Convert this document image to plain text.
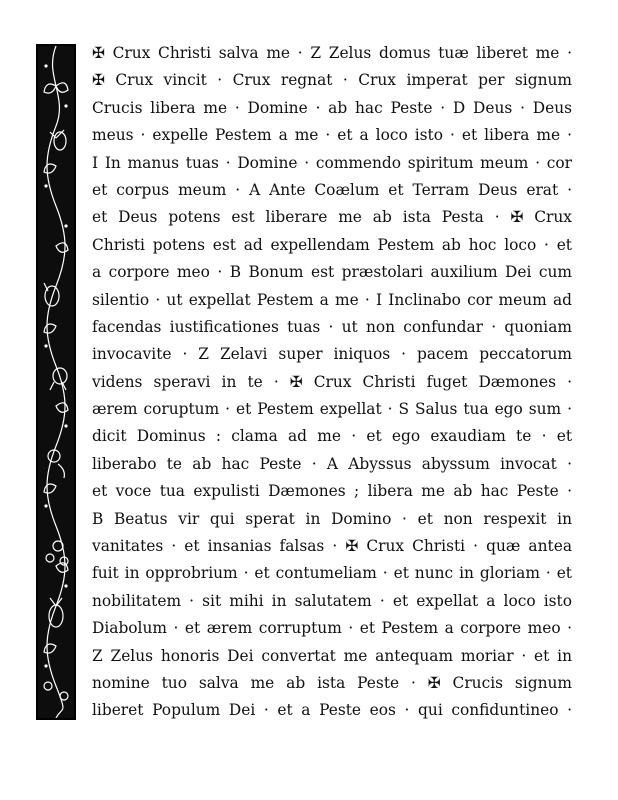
✠ Crux Christi salva me · Z Zelus domus tuæ liberet me ·
✠ Crux vincit · Crux regnat · Crux imperat per signum
Crucis libera me · Domine · ab hac Peste · D Deus · Deus
meus · expelle Pestem a me · et a loco isto · et libera me ·
I In manus tuas · Domine · commendo spiritum meum · cor
et corpus meum · A Ante Coælum et Terram Deus erat ·
et Deus potens est liberare me ab ista Pesta · ✠ Crux
Christi potens est ad expellendam Pestem ab hoc loco · et
a corpore meo · B Bonum est præstolari auxilium Dei cum
silentio · ut expellat Pestem a me · I Inclinabo cor meum ad
facendas iustificationes tuas · ut non confundar · quoniam
invocavite · Z Zelavi super iniquos · pacem peccatorum
videns speravi in te · ✠ Crux Christi fuget Dæmones ·
ærem coruptum · et Pestem expellat · S Salus tua ego sum ·
dicit Dominus : clama ad me · et ego exaudiam te · et
liberabo te ab hac Peste · A Abyssus abyssum invocat ·
et voce tua expulisti Dæmones ; libera me ab hac Peste ·
B Beatus vir qui sperat in Domino · et non respexit in
vanitates · et insanias falsas · ✠ Crux Christi · quæ antea
fuit in opprobrium · et contumeliam · et nunc in gloriam · et
nobilitatem · sit mihi in salutatem · et expellat a loco isto
Diabolum · et ærem corruptum · et Pestem a corpore meo ·
Z Zelus honoris Dei convertat me antequam moriar · et in
nomine tuo salva me ab ista Peste · ✠ Crucis signum
liberet Populum Dei · et a Peste eos · qui confiduntineo ·
